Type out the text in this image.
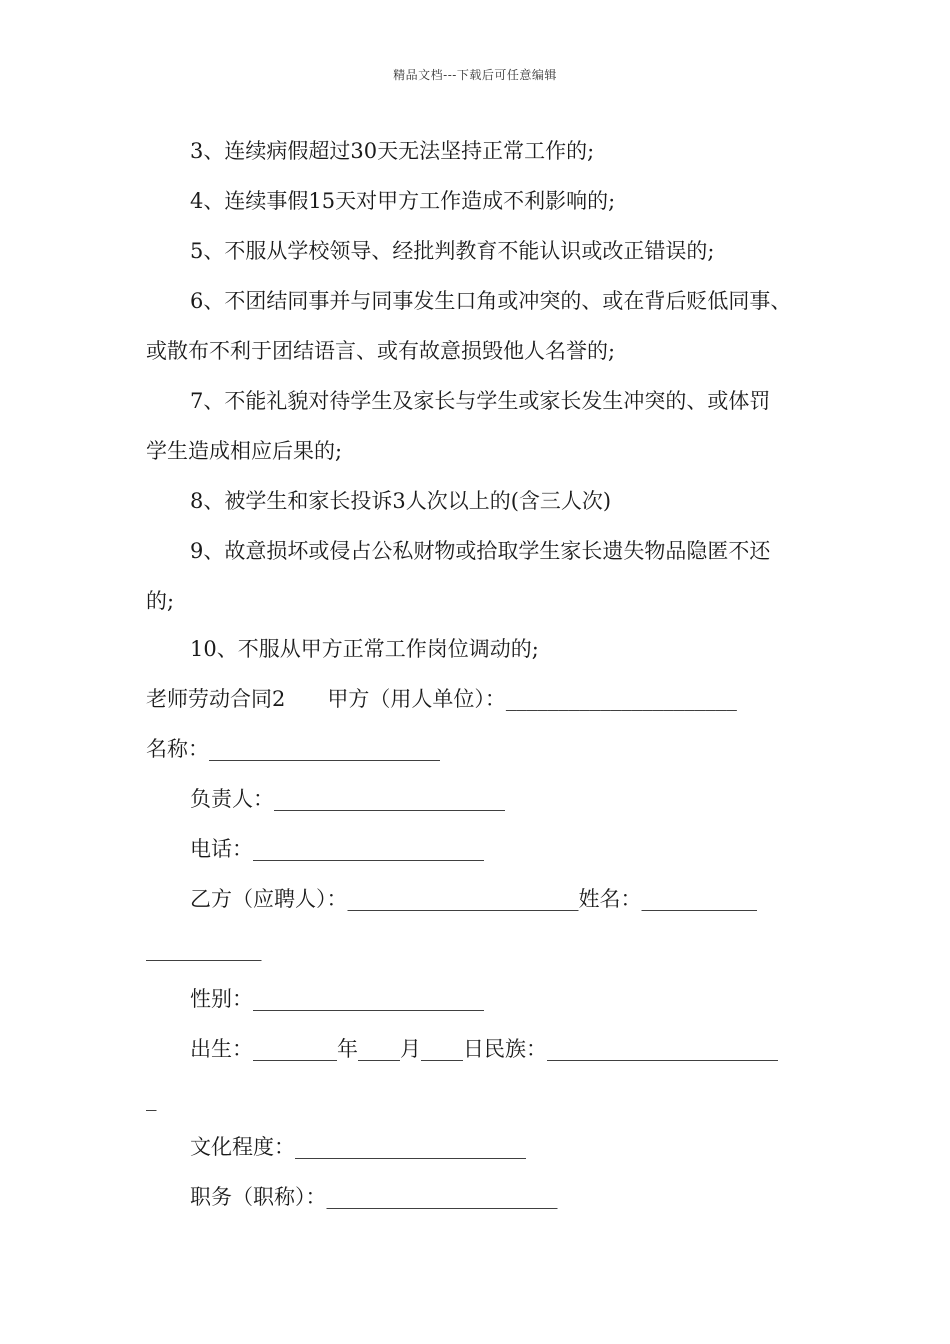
精品文档---下载后可任意编辑
3、连续病假超过30天无法坚持正常工作的;
4、连续事假15天对甲方工作造成不利影响的;
5、不服从学校领导、经批判教育不能认识或改正错误的;
6、不团结同事并与同事发生口角或冲突的、或在背后贬低同事、
或散布不利于团结语言、或有故意损毁他人名誉的;
7、不能礼貌对待学生及家长与学生或家长发生冲突的、或体罚
学生造成相应后果的;
8、被学生和家长投诉3人次以上的(含三人次)
9、故意损坏或侵占公私财物或拾取学生家长遗失物品隐匿不还
的;
10、不服从甲方正常工作岗位调动的;
老师劳动合同2　　甲方（用人单位）：______________________
名称：______________________
负责人：______________________
电话：______________________
乙方（应聘人）：______________________姓名：___________
___________
性别：______________________
出生：________年____月____日民族：______________________
_
文化程度：______________________
职务（职称）：______________________
